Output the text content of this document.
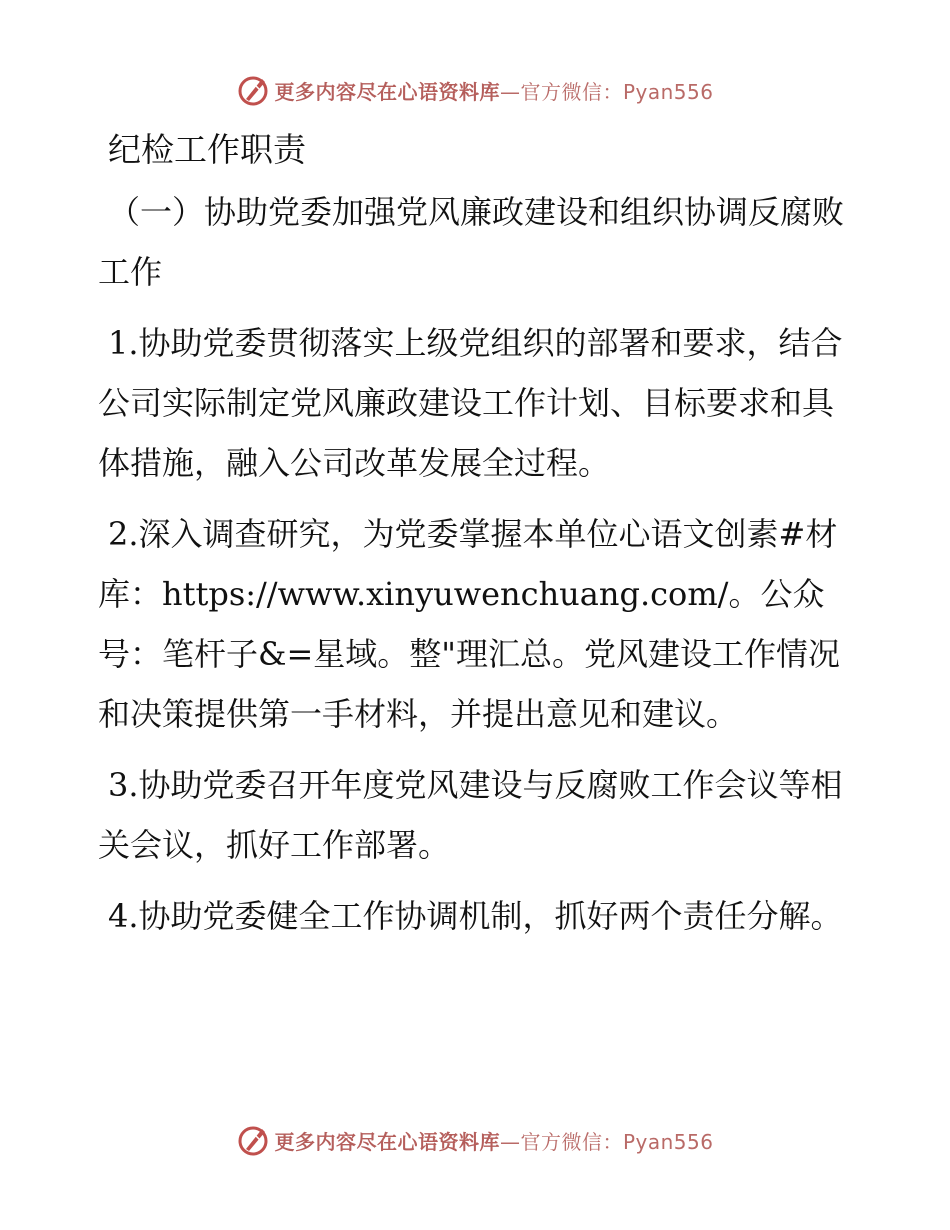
更多内容尽在心语资料库—官方微信：Pyan556

纪检工作职责

（一）协助党委加强党风廉政建设和组织协调反腐败工作

1.协助党委贯彻落实上级党组织的部署和要求，结合公司实际制定党风廉政建设工作计划、目标要求和具体措施，融入公司改革发展全过程。

2.深入调查研究，为党委掌握本单位心语文创素#材库：https://www.xinyuwenchuang.com/。公众号：笔杆子&=星域。整"理汇总。党风建设工作情况和决策提供第一手材料，并提出意见和建议。

3.协助党委召开年度党风建设与反腐败工作会议等相关会议，抓好工作部署。

4.协助党委健全工作协调机制，抓好两个责任分解。

更多内容尽在心语资料库—官方微信：Pyan556
